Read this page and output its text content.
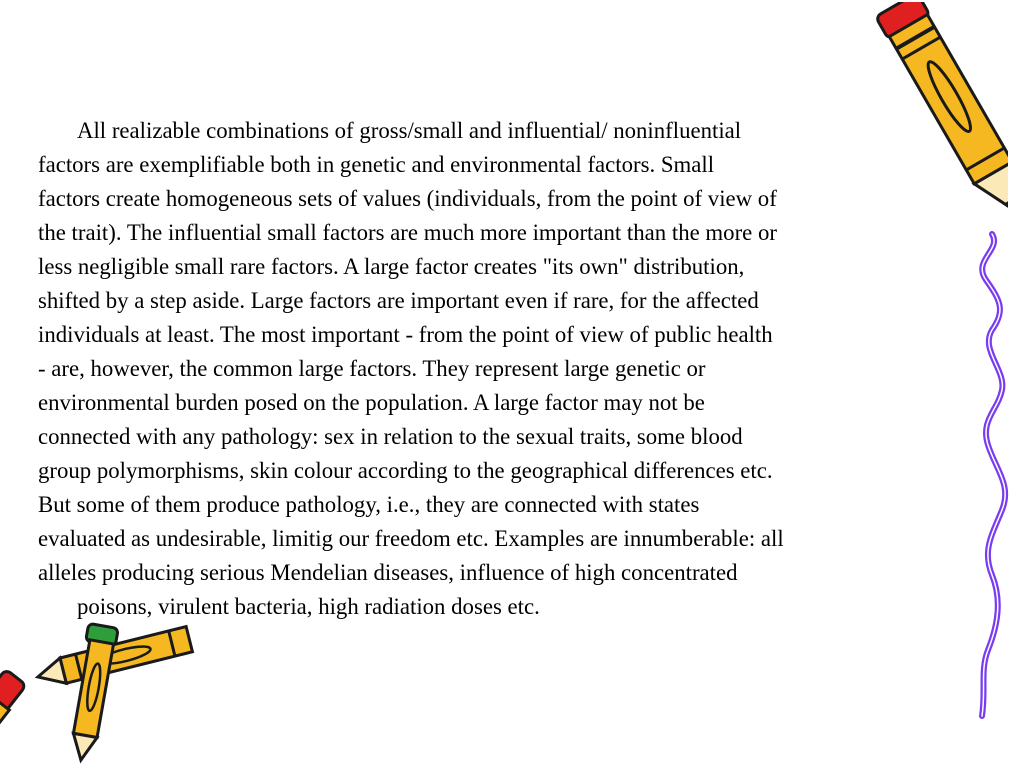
All realizable combinations of gross/small and influential/ noninfluential
factors are exemplifiable both in genetic and environmental factors. Small
factors create homogeneous sets of values (individuals, from the point of view of
the trait). The influential small factors are much more important than the more or
less negligible small rare factors. A large factor creates "its own" distribution,
shifted by a step aside. Large factors are important even if rare, for the affected
individuals at least. The most important - from the point of view of public health
- are, however, the common large factors. They represent large genetic or
environmental burden posed on the population. A large factor may not be
connected with any pathology: sex in relation to the sexual traits, some blood
group polymorphisms, skin colour according to the geographical differences etc.
But some of them produce pathology, i.e., they are connected with states
evaluated as undesirable, limitig our freedom etc. Examples are innumberable: all
alleles producing serious Mendelian diseases, influence of high concentrated
poisons, virulent bacteria, high radiation doses etc.
